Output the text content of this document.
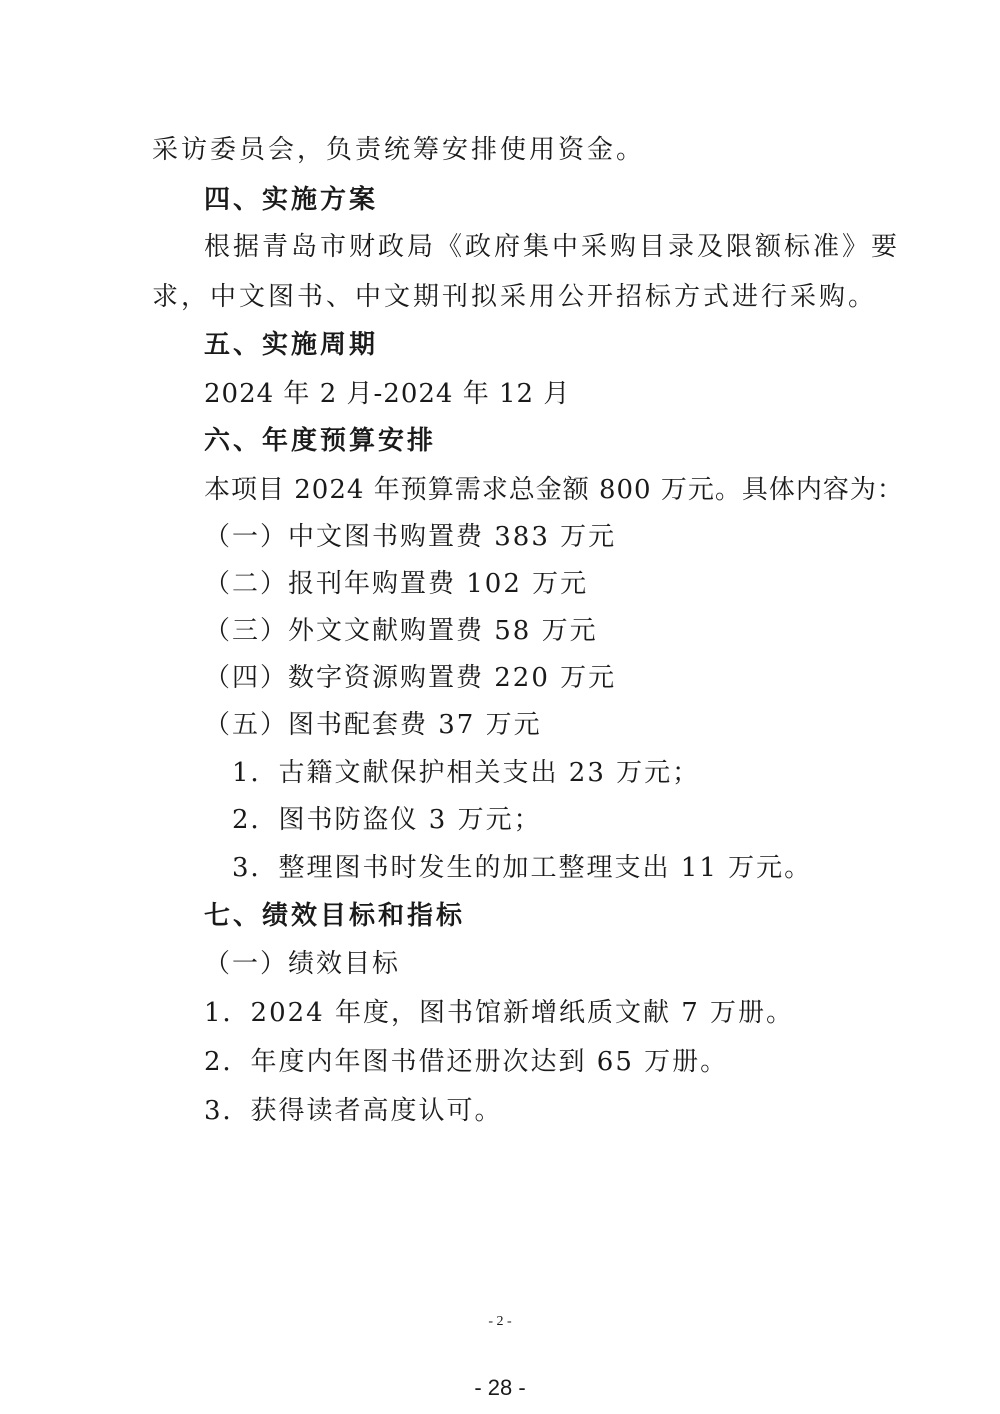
采访委员会，负责统筹安排使用资金。
四、实施方案
根据青岛市财政局《政府集中采购目录及限额标准》要
求，中文图书、中文期刊拟采用公开招标方式进行采购。
五、实施周期
2024 年 2 月-2024 年 12 月
六、年度预算安排
本项目 2024 年预算需求总金额 800 万元。具体内容为：
（一）中文图书购置费 383 万元
（二）报刊年购置费 102 万元
（三）外文文献购置费 58 万元
（四）数字资源购置费 220 万元
（五）图书配套费 37 万元
1．古籍文献保护相关支出 23 万元；
2．图书防盗仪 3 万元；
3．整理图书时发生的加工整理支出 11 万元。
七、绩效目标和指标
（一）绩效目标
1．2024 年度，图书馆新增纸质文献 7 万册。
2．年度内年图书借还册次达到 65 万册。
3．获得读者高度认可。
- 2 -
- 28 -
